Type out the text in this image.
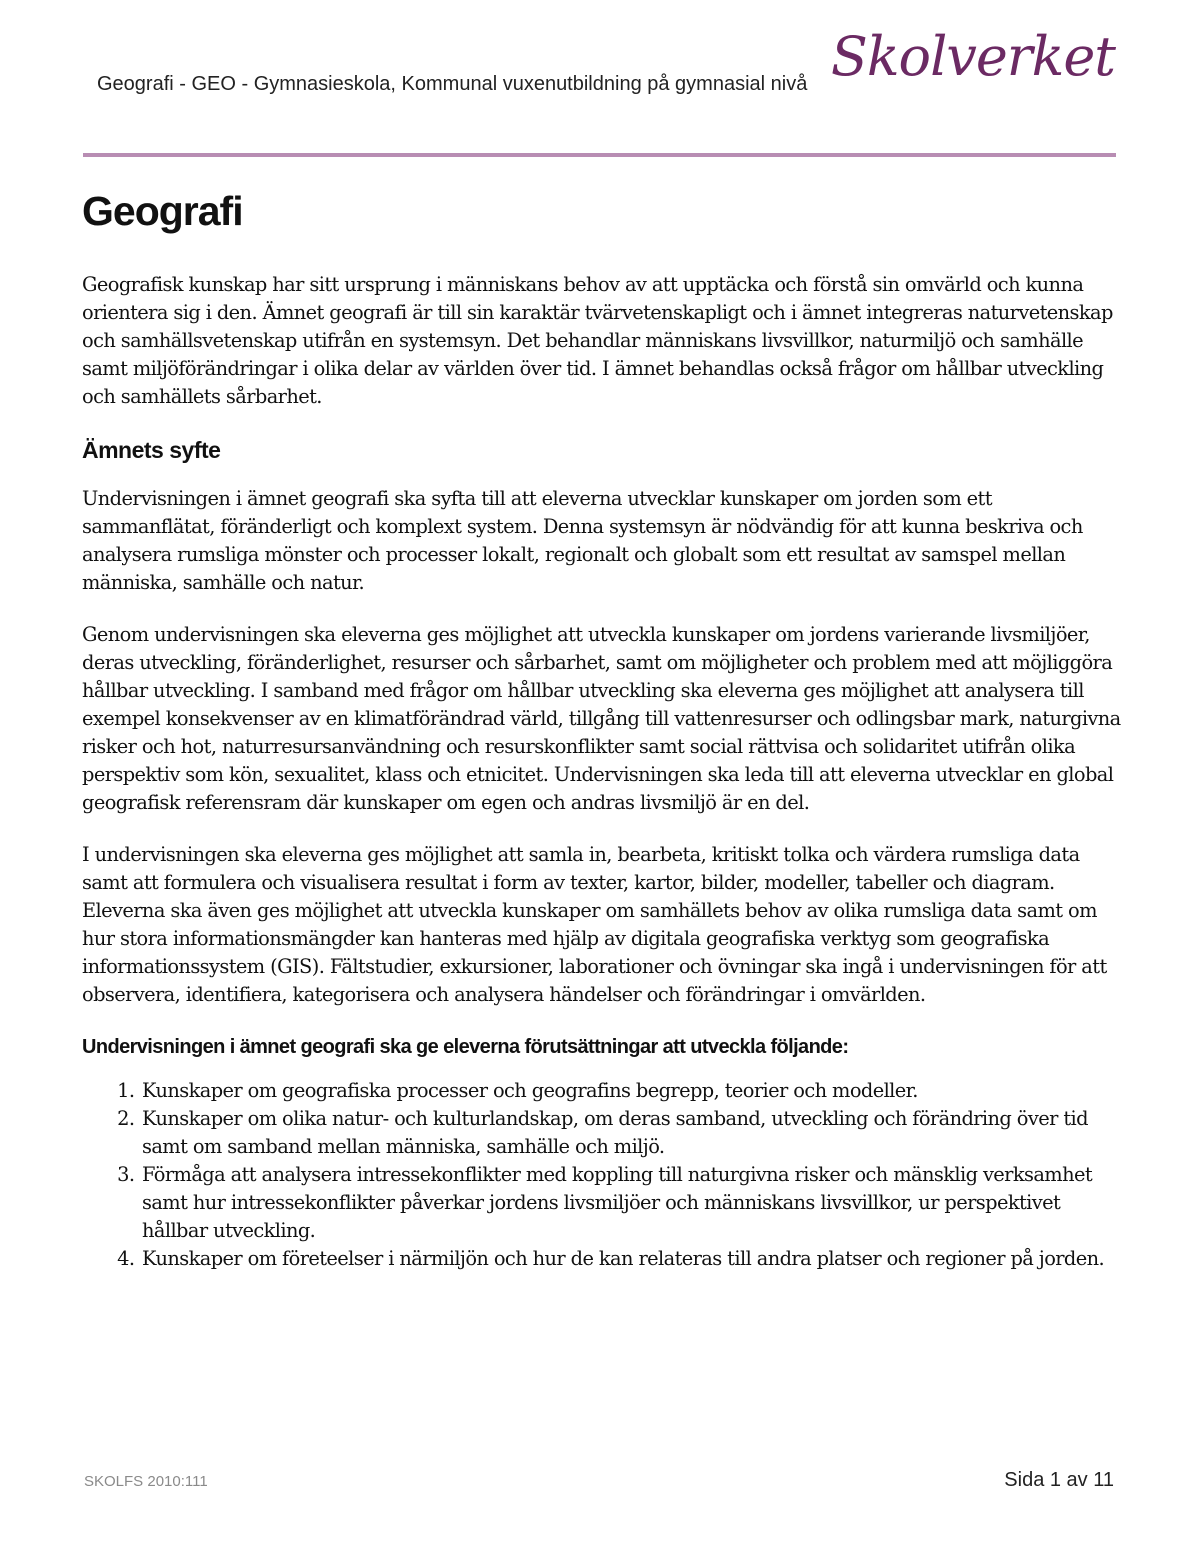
Geografi - GEO - Gymnasieskola, Kommunal vuxenutbildning på gymnasial nivå Skolverket
Geografi

Geografisk kunskap har sitt ursprung i människans behov av att upptäcka och förstå sin omvärld och kunna orientera sig i den. Ämnet geografi är till sin karaktär tvärvetenskapligt och i ämnet integreras naturvetenskap och samhällsvetenskap utifrån en systemsyn. Det behandlar människans livsvillkor, naturmiljö och samhälle samt miljöförändringar i olika delar av världen över tid. I ämnet behandlas också frågor om hållbar utveckling och samhällets sårbarhet.

Ämnets syfte

Undervisningen i ämnet geografi ska syfta till att eleverna utvecklar kunskaper om jorden som ett sammanflätat, föränderligt och komplext system. Denna systemsyn är nödvändig för att kunna beskriva och analysera rumsliga mönster och processer lokalt, regionalt och globalt som ett resultat av samspel mellan människa, samhälle och natur.

Genom undervisningen ska eleverna ges möjlighet att utveckla kunskaper om jordens varierande livsmiljöer, deras utveckling, föränderlighet, resurser och sårbarhet, samt om möjligheter och problem med att möjliggöra hållbar utveckling. I samband med frågor om hållbar utveckling ska eleverna ges möjlighet att analysera till exempel konsekvenser av en klimatförändrad värld, tillgång till vattenresurser och odlingsbar mark, naturgivna risker och hot, naturresursanvändning och resurskonflikter samt social rättvisa och solidaritet utifrån olika perspektiv som kön, sexualitet, klass och etnicitet. Undervisningen ska leda till att eleverna utvecklar en global geografisk referensram där kunskaper om egen och andras livsmiljö är en del.

I undervisningen ska eleverna ges möjlighet att samla in, bearbeta, kritiskt tolka och värdera rumsliga data samt att formulera och visualisera resultat i form av texter, kartor, bilder, modeller, tabeller och diagram. Eleverna ska även ges möjlighet att utveckla kunskaper om samhällets behov av olika rumsliga data samt om hur stora informationsmängder kan hanteras med hjälp av digitala geografiska verktyg som geografiska informationssystem (GIS). Fältstudier, exkursioner, laborationer och övningar ska ingå i undervisningen för att observera, identifiera, kategorisera och analysera händelser och förändringar i omvärlden.

Undervisningen i ämnet geografi ska ge eleverna förutsättningar att utveckla följande:
1. Kunskaper om geografiska processer och geografins begrepp, teorier och modeller.
2. Kunskaper om olika natur- och kulturlandskap, om deras samband, utveckling och förändring över tid samt om samband mellan människa, samhälle och miljö.
3. Förmåga att analysera intressekonflikter med koppling till naturgivna risker och mänsklig verksamhet samt hur intressekonflikter påverkar jordens livsmiljöer och människans livsvillkor, ur perspektivet hållbar utveckling.
4. Kunskaper om företeelser i närmiljön och hur de kan relateras till andra platser och regioner på jorden.
SKOLFS 2010:111	Sida 1 av 11
